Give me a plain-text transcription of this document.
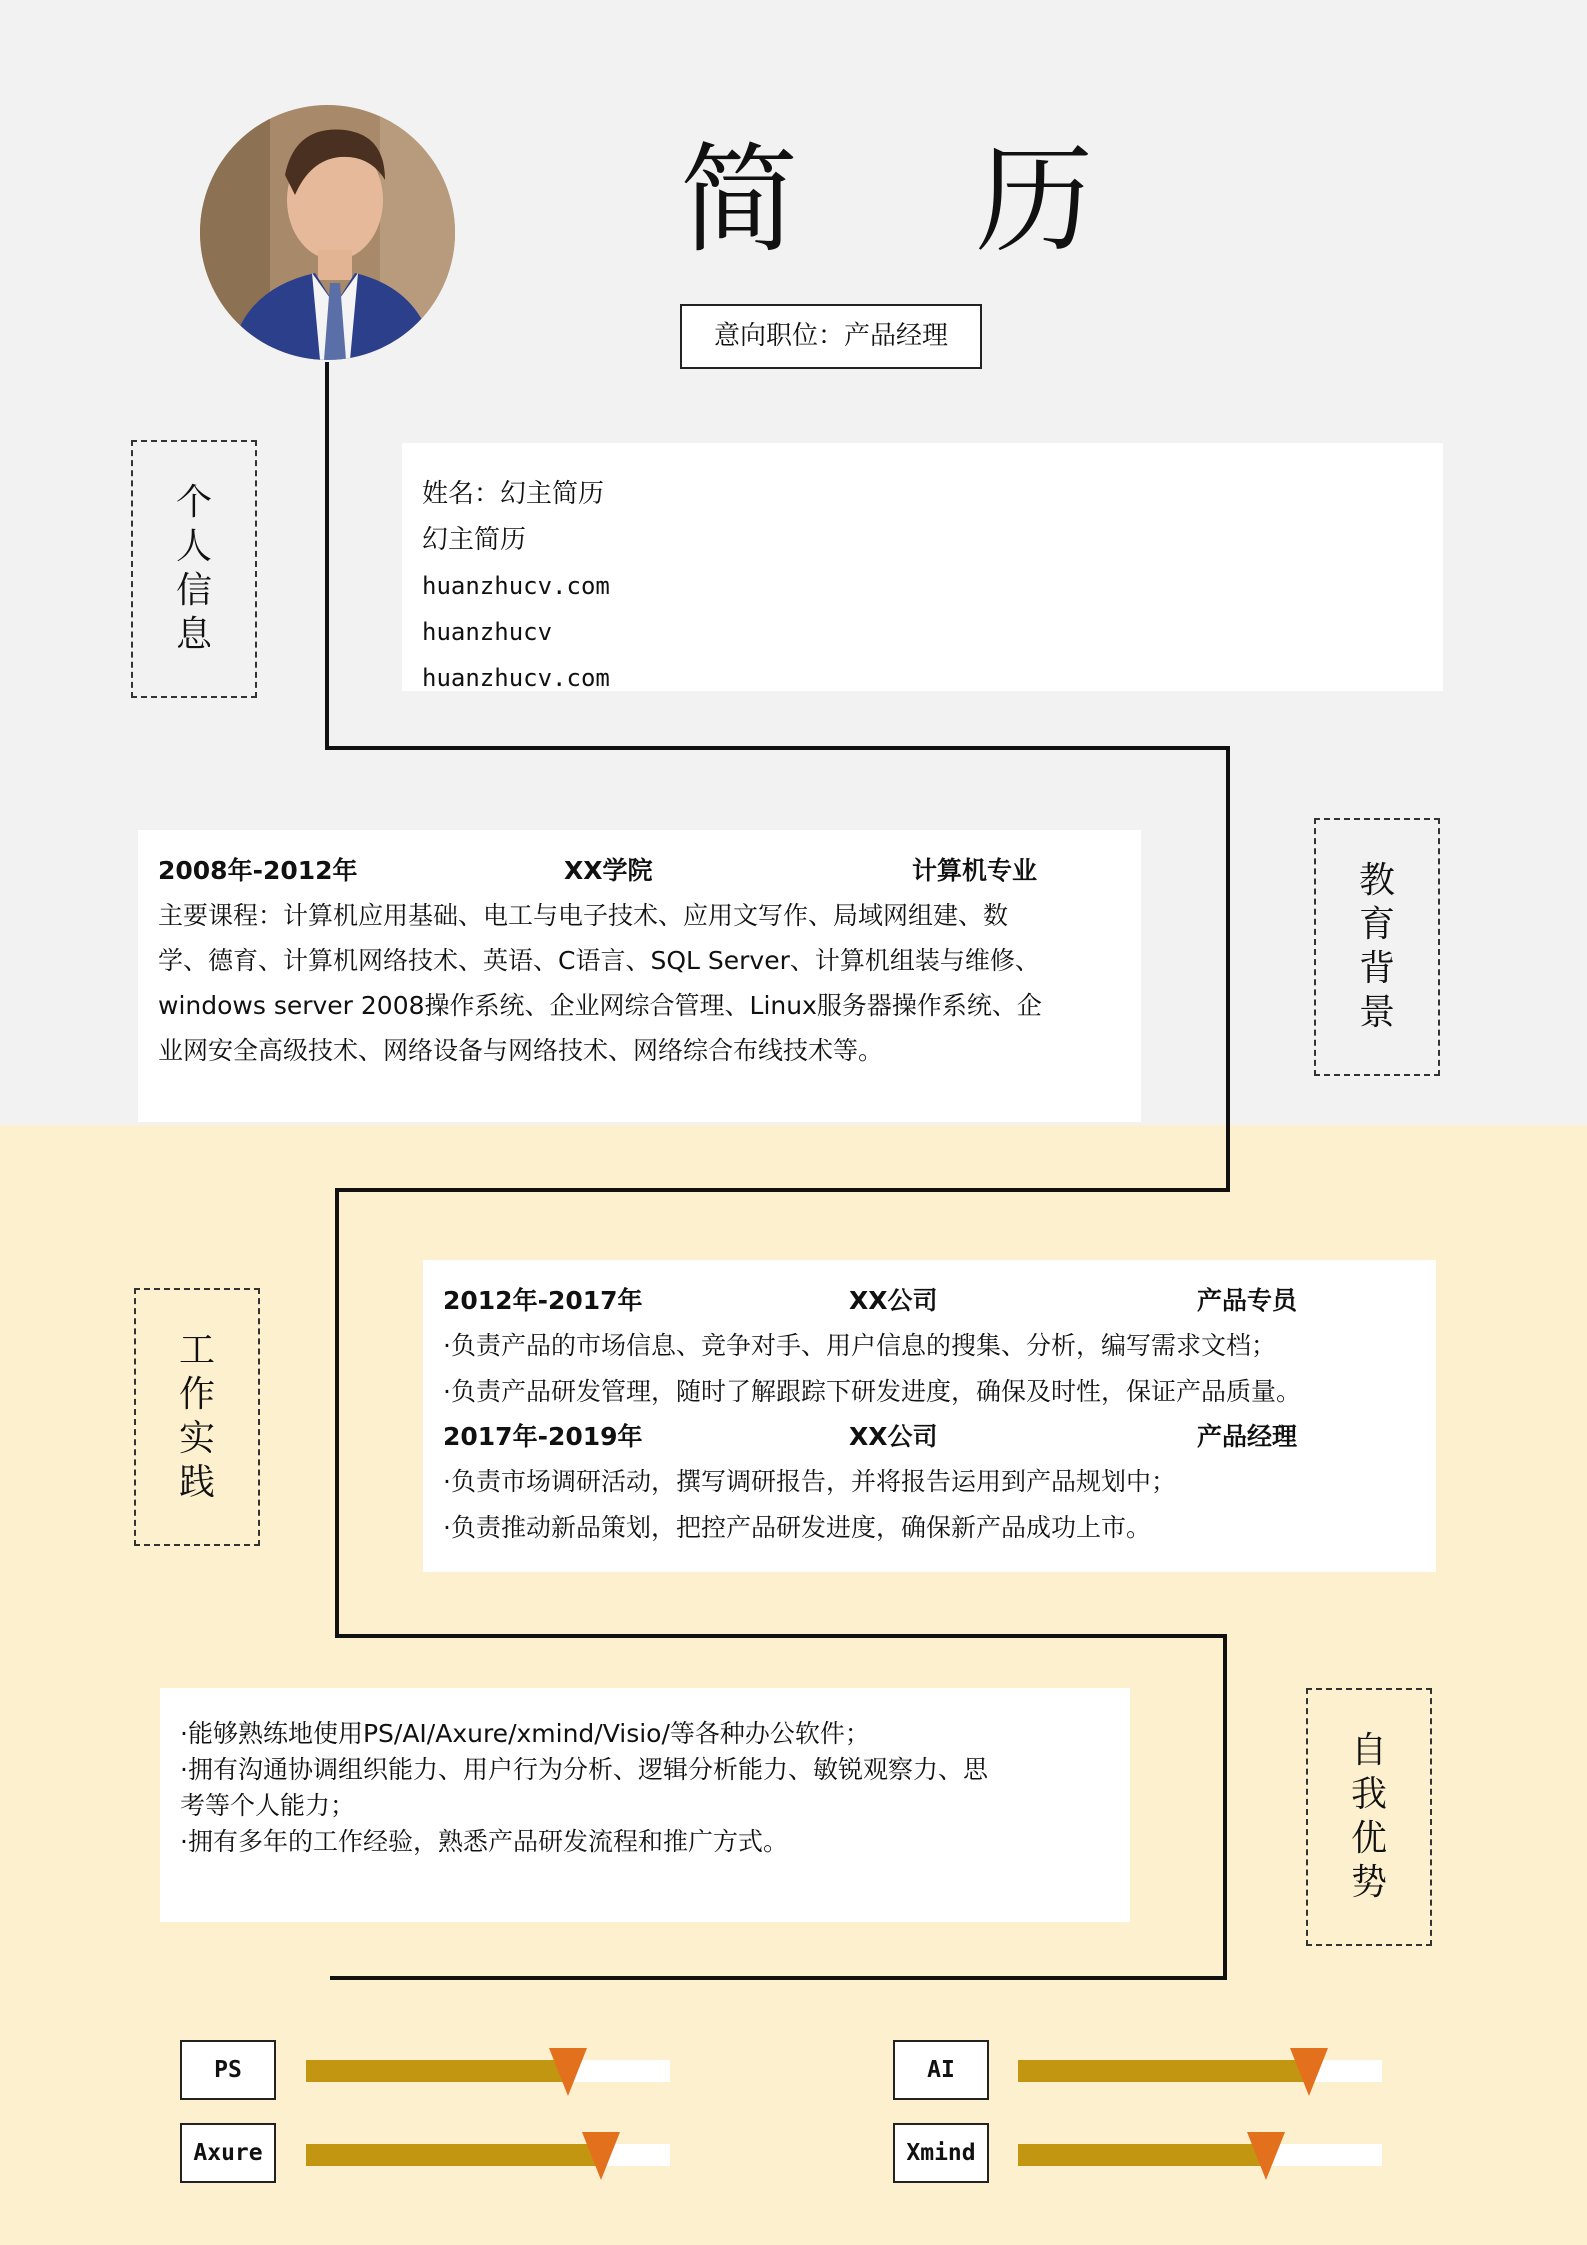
简 历
意向职位：产品经理
个
人
信
息
教
育
背
景
工
作
实
践
自
我
优
势
姓名：幻主简历
幻主简历
huanzhucv.com
huanzhucv
huanzhucv.com
2008年-2012年	XX学院	计算机专业
主要课程：计算机应用基础、电工与电子技术、应用文写作、局域网组建、数
学、德育、计算机网络技术、英语、C语言、SQL Server、计算机组装与维修、
windows server 2008操作系统、企业网综合管理、Linux服务器操作系统、企
业网安全高级技术、网络设备与网络技术、网络综合布线技术等。
2012年-2017年	XX公司	产品专员
·负责产品的市场信息、竞争对手、用户信息的搜集、分析，编写需求文档；
·负责产品研发管理，随时了解跟踪下研发进度，确保及时性，保证产品质量。
2017年-2019年	XX公司	产品经理
·负责市场调研活动，撰写调研报告，并将报告运用到产品规划中；
·负责推动新品策划，把控产品研发进度，确保新产品成功上市。
·能够熟练地使用PS/AI/Axure/xmind/Visio/等各种办公软件；
·拥有沟通协调组织能力、用户行为分析、逻辑分析能力、敏锐观察力、思
考等个人能力；
·拥有多年的工作经验，熟悉产品研发流程和推广方式。
PS	AI
Axure	Xmind
